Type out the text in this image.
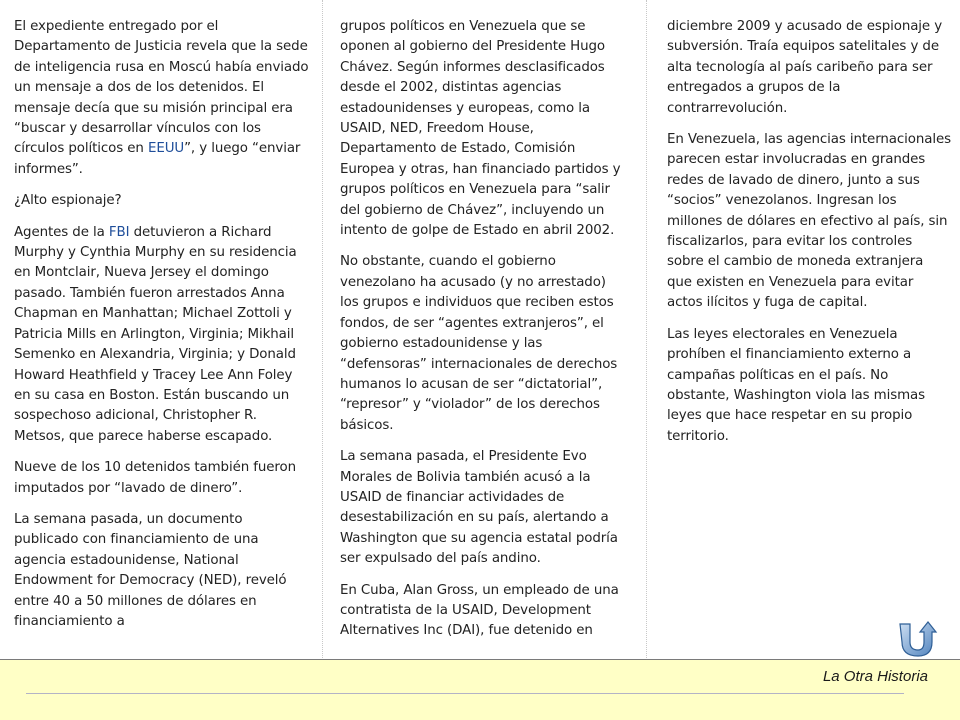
El expediente entregado por el Departamento de Justicia revela que la sede de inteligencia rusa en Moscú había enviado un mensaje a dos de los detenidos. El mensaje decía que su misión principal era “buscar y desarrollar vínculos con los círculos políticos en EEUU”, y luego “enviar informes”.

¿Alto espionaje?

Agentes de la FBI detuvieron a Richard Murphy y Cynthia Murphy en su residencia en Montclair, Nueva Jersey el domingo pasado. También fueron arrestados Anna Chapman en Manhattan; Michael Zottoli y Patricia Mills en Arlington, Virginia; Mikhail Semenko en Alexandria, Virginia; y Donald Howard Heathfield y Tracey Lee Ann Foley en su casa en Boston. Están buscando un sospechoso adicional, Christopher R. Metsos, que parece haberse escapado.

Nueve de los 10 detenidos también fueron imputados por “lavado de dinero”.

La semana pasada, un documento publicado con financiamiento de una agencia estadounidense, National Endowment for Democracy (NED), reveló entre 40 a 50 millones de dólares en financiamiento a

grupos políticos en Venezuela que se oponen al gobierno del Presidente Hugo Chávez. Según informes desclasificados desde el 2002, distintas agencias estadounidenses y europeas, como la USAID, NED, Freedom House, Departamento de Estado, Comisión Europea y otras, han financiado partidos y grupos políticos en Venezuela para “salir del gobierno de Chávez”, incluyendo un intento de golpe de Estado en abril 2002.

No obstante, cuando el gobierno venezolano ha acusado (y no arrestado) los grupos e individuos que reciben estos fondos, de ser “agentes extranjeros”, el gobierno estadounidense y las “defensoras” internacionales de derechos humanos lo acusan de ser “dictatorial”, “represor” y “violador” de los derechos básicos.

La semana pasada, el Presidente Evo Morales de Bolivia también acusó a la USAID de financiar actividades de desestabilización en su país, alertando a Washington que su agencia estatal podría ser expulsado del país andino.

En Cuba, Alan Gross, un empleado de una contratista de la USAID, Development Alternatives Inc (DAI), fue detenido en

diciembre 2009 y acusado de espionaje y subversión. Traía equipos satelitales y de alta tecnología al país caribeño para ser entregados a grupos de la contrarrevolución.

En Venezuela, las agencias internacionales parecen estar involucradas en grandes redes de lavado de dinero, junto a sus “socios” venezolanos. Ingresan los millones de dólares en efectivo al país, sin fiscalizarlos, para evitar los controles sobre el cambio de moneda extranjera que existen en Venezuela para evitar actos ilícitos y fuga de capital.

Las leyes electorales en Venezuela prohíben el financiamiento externo a campañas políticas en el país. No obstante, Washington viola las mismas leyes que hace respetar en su propio territorio.

La Otra Historia
